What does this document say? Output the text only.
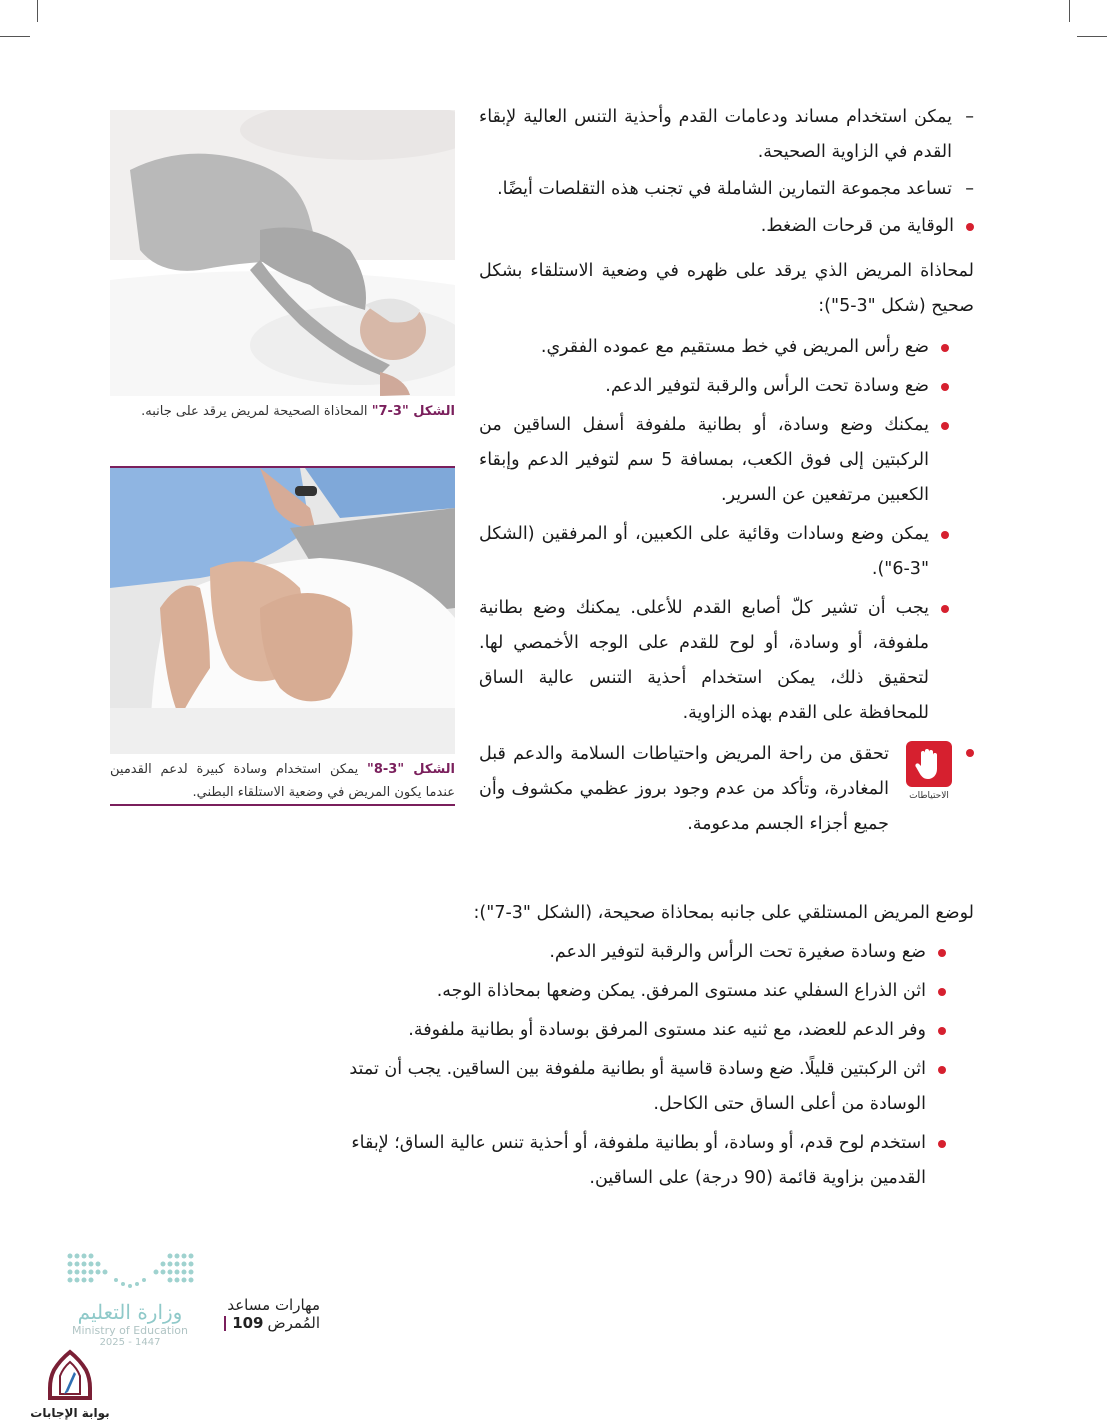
– يمكن استخدام مساند ودعامات القدم وأحذية التنس العالية لإبقاء القدم في الزاوية الصحيحة.
– تساعد مجموعة التمارين الشاملة في تجنب هذه التقلصات أيضًا.
الوقاية من قرحات الضغط.

لمحاذاة المريض الذي يرقد على ظهره في وضعية الاستلقاء بشكل صحيح (شكل "3-5"):

ضع رأس المريض في خط مستقيم مع عموده الفقري.
ضع وسادة تحت الرأس والرقبة لتوفير الدعم.
يمكنك وضع وسادة، أو بطانية ملفوفة أسفل الساقين من الركبتين إلى فوق الكعب، بمسافة 5 سم لتوفير الدعم وإبقاء الكعبين مرتفعين عن السرير.
يمكن وضع وسادات وقائية على الكعبين، أو المرفقين (الشكل "3-6").
يجب أن تشير كلّ أصابع القدم للأعلى. يمكنك وضع بطانية ملفوفة، أو وسادة، أو لوح للقدم على الوجه الأخمصي لها. لتحقيق ذلك، يمكن استخدام أحذية التنس عالية الساق للمحافظة على القدم بهذه الزاوية.
الاحتياطات

تحقق من راحة المريض واحتياطات السلامة والدعم قبل المغادرة، وتأكد من عدم وجود بروز عظمي مكشوف وأن جميع أجزاء الجسم مدعومة.

لوضع المريض المستلقي على جانبه بمحاذاة صحيحة، (الشكل "3-7"):

ضع وسادة صغيرة تحت الرأس والرقبة لتوفير الدعم.
اثن الذراع السفلي عند مستوى المرفق. يمكن وضعها بمحاذاة الوجه.
وفر الدعم للعضد، مع ثنيه عند مستوى المرفق بوسادة أو بطانية ملفوفة.
اثن الركبتين قليلًا. ضع وسادة قاسية أو بطانية ملفوفة بين الساقين. يجب أن تمتد الوسادة من أعلى الساق حتى الكاحل.
استخدم لوح قدم، أو وسادة، أو بطانية ملفوفة، أو أحذية تنس عالية الساق؛ لإبقاء القدمين بزاوية قائمة (90 درجة) على الساقين.

الشكل "3-7" المحاذاة الصحيحة لمريض يرقد على جانبه.

الشكل "3-8" يمكن استخدام وسادة كبيرة لدعم القدمين عندما يكون المريض في وضعية الاستلقاء البطني.

وزارة التعليم
Ministry of Education
2025 - 1447
مهارات مساعد المُمرض109
بوابة الإجابات
